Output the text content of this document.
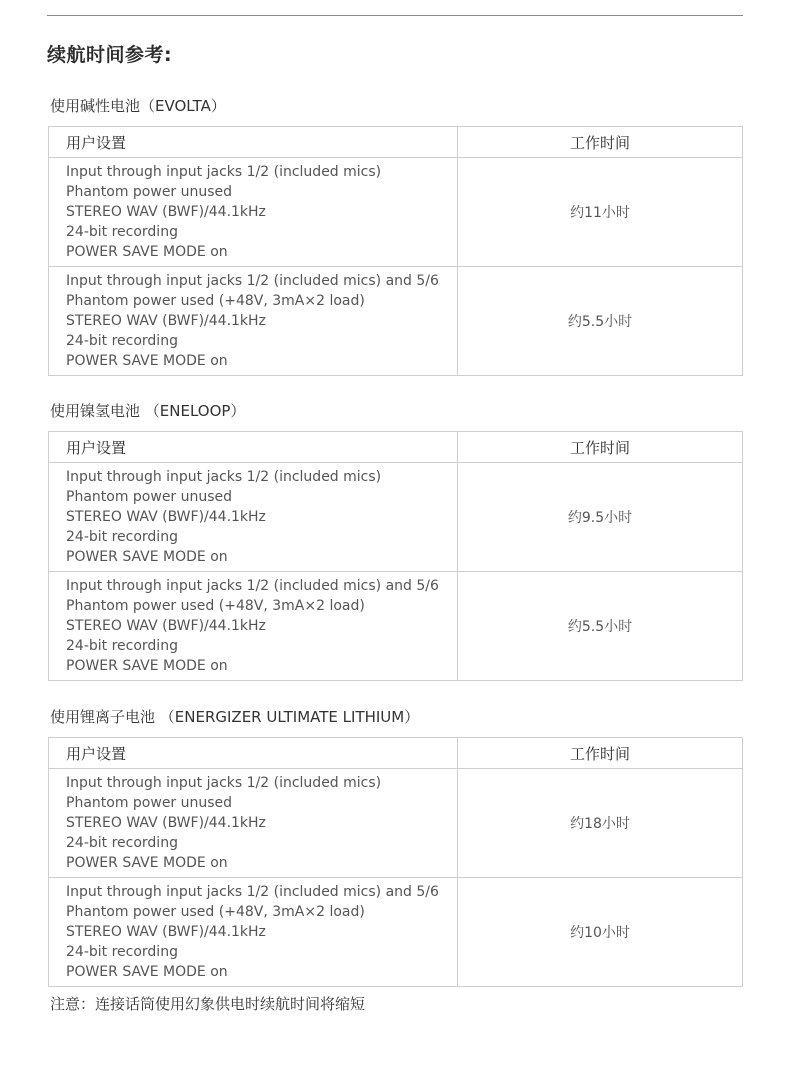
续航时间参考:
使用碱性电池（EVOLTA）
用户设置	工作时间

Input through input jacks 1/2 (included mics)
Phantom power unused
STEREO WAV (BWF)/44.1kHz
24-bit recording
POWER SAVE MODE on	约11小时

Input through input jacks 1/2 (included mics) and 5/6
Phantom power used (+48V, 3mA×2 load)
STEREO WAV (BWF)/44.1kHz
24-bit recording
POWER SAVE MODE on	约5.5小时
使用镍氢电池 （ENELOOP）
用户设置	工作时间

Input through input jacks 1/2 (included mics)
Phantom power unused
STEREO WAV (BWF)/44.1kHz
24-bit recording
POWER SAVE MODE on	约9.5小时

Input through input jacks 1/2 (included mics) and 5/6
Phantom power used (+48V, 3mA×2 load)
STEREO WAV (BWF)/44.1kHz
24-bit recording
POWER SAVE MODE on	约5.5小时
使用锂离子电池 （ENERGIZER ULTIMATE LITHIUM）
用户设置	工作时间

Input through input jacks 1/2 (included mics)
Phantom power unused
STEREO WAV (BWF)/44.1kHz
24-bit recording
POWER SAVE MODE on	约18小时

Input through input jacks 1/2 (included mics) and 5/6
Phantom power used (+48V, 3mA×2 load)
STEREO WAV (BWF)/44.1kHz
24-bit recording
POWER SAVE MODE on	约10小时
注意：连接话筒使用幻象供电时续航时间将缩短
